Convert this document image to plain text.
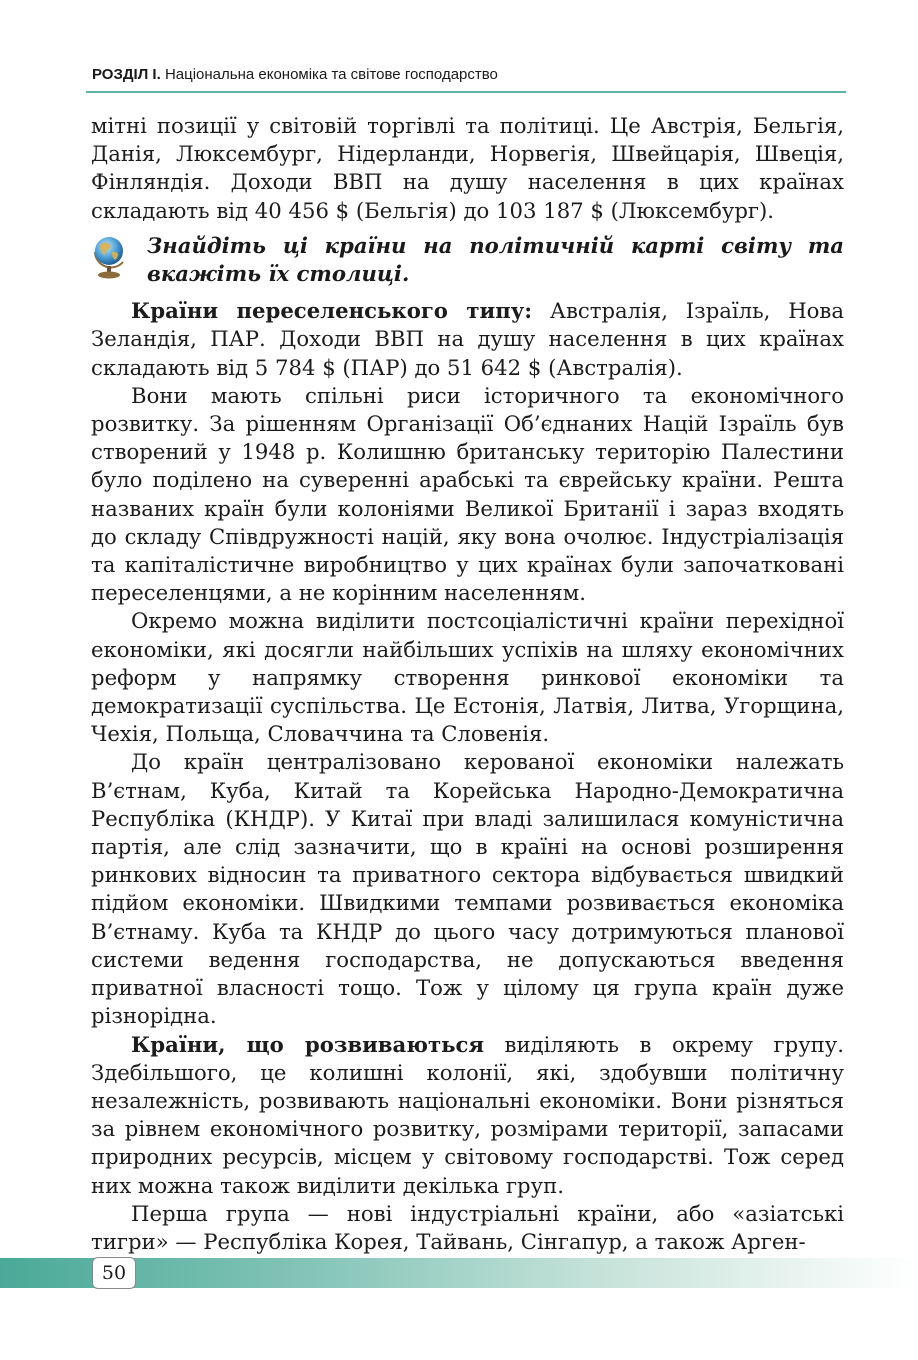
РОЗДІЛ І. Національна економіка та світове господарство

мітні позиції у світовій торгівлі та політиці. Це Австрія, Бельгія, Данія, Люксембург, Нідерланди, Норвегія, Швейцарія, Швеція, Фінляндія. Доходи ВВП на душу населення в цих країнах складають від 40 456 $ (Бельгія) до 103 187 $ (Люксембург).

Знайдіть ці країни на політичній карті світу та вкажіть їх столиці.

Країни переселенського типу: Австралія, Ізраїль, Нова Зеландія, ПАР. Доходи ВВП на душу населення в цих країнах складають від 5 784 $ (ПАР) до 51 642 $ (Австралія).

Вони мають спільні риси історичного та економічного розвитку. За рішенням Організації Об’єднаних Націй Ізраїль був створений у 1948 р. Колишню британську територію Палестини було поділено на суверенні арабські та єврейську країни. Решта названих країн були колоніями Великої Британії і зараз входять до складу Співдружності націй, яку вона очолює. Індустріалізація та капіталістичне виробництво у цих країнах були започатковані переселенцями, а не корінним населенням.

Окремо можна виділити постсоціалістичні країни перехідної економіки, які досягли найбільших успіхів на шляху економічних реформ у напрямку створення ринкової економіки та демократизації суспільства. Це Естонія, Латвія, Литва, Угорщина, Чехія, Польща, Словаччина та Словенія.

До країн централізовано керованої економіки належать В’єтнам, Куба, Китай та Корейська Народно-Демократична Республіка (КНДР). У Китаї при владі залишилася комуністична партія, але слід зазначити, що в країні на основі розширення ринкових відносин та приватного сектора відбувається швидкий підйом економіки. Швидкими темпами розвивається економіка В’єтнаму. Куба та КНДР до цього часу дотримуються планової системи ведення господарства, не допускаються введення приватної власності тощо. Тож у цілому ця група країн дуже різнорідна.

Країни, що розвиваються виділяють в окрему групу. Здебільшого, це колишні колонії, які, здобувши політичну незалежність, розвивають національні економіки. Вони різняться за рівнем економічного розвитку, розмірами території, запасами природних ресурсів, місцем у світовому господарстві. Тож серед них можна також виділити декілька груп.

Перша група — нові індустріальні країни, або «азіатські тигри» — Республіка Корея, Тайвань, Сінгапур, а також Арген-

50
